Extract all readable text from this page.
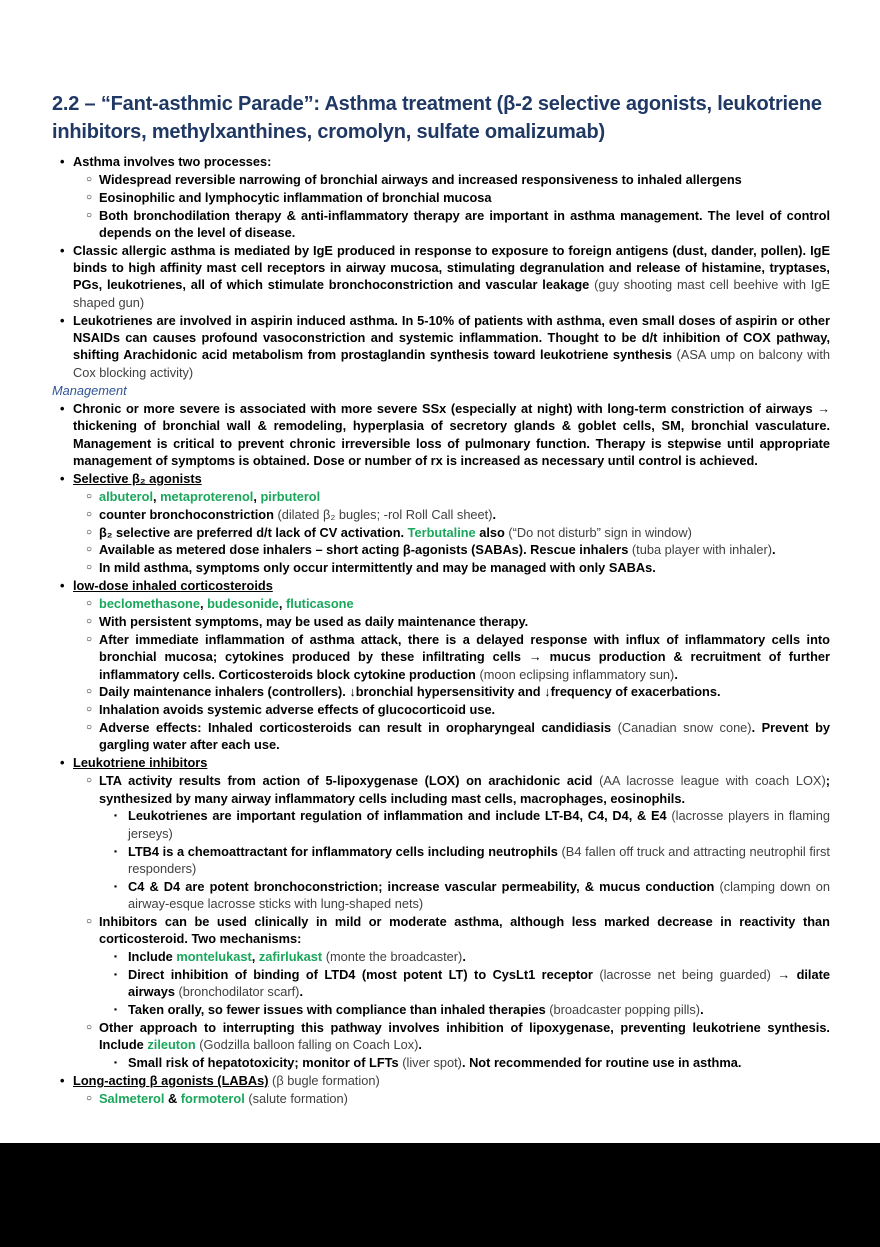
2.2 – “Fant-asthmic Parade”: Asthma treatment (β-2 selective agonists, leukotriene inhibitors, methylxanthines, cromolyn, sulfate omalizumab)
• Asthma involves two processes:
○ Widespread reversible narrowing of bronchial airways and increased responsiveness to inhaled allergens
○ Eosinophilic and lymphocytic inflammation of bronchial mucosa
○ Both bronchodilation therapy & anti-inflammatory therapy are important in asthma management. The level of control depends on the level of disease.
• Classic allergic asthma is mediated by IgE produced in response to exposure to foreign antigens (dust, dander, pollen). IgE binds to high affinity mast cell receptors in airway mucosa, stimulating degranulation and release of histamine, tryptases, PGs, leukotrienes, all of which stimulate bronchoconstriction and vascular leakage (guy shooting mast cell beehive with IgE shaped gun)
• Leukotrienes are involved in aspirin induced asthma. In 5-10% of patients with asthma, even small doses of aspirin or other NSAIDs can causes profound vasoconstriction and systemic inflammation. Thought to be d/t inhibition of COX pathway, shifting Arachidonic acid metabolism from prostaglandin synthesis toward leukotriene synthesis (ASA ump on balcony with Cox blocking activity)
Management
• Chronic or more severe is associated with more severe SSx (especially at night) with long-term constriction of airways → thickening of bronchial wall & remodeling, hyperplasia of secretory glands & goblet cells, SM, bronchial vasculature. Management is critical to prevent chronic irreversible loss of pulmonary function. Therapy is stepwise until appropriate management of symptoms is obtained. Dose or number of rx is increased as necessary until control is achieved.
• Selective β₂ agonists
○ albuterol, metaproterenol, pirbuterol
○ counter bronchoconstriction (dilated β₂ bugles; -rol Roll Call sheet).
○ β₂ selective are preferred d/t lack of CV activation. Terbutaline also (“Do not disturb” sign in window)
○ Available as metered dose inhalers – short acting β-agonists (SABAs). Rescue inhalers (tuba player with inhaler).
○ In mild asthma, symptoms only occur intermittently and may be managed with only SABAs.
• low-dose inhaled corticosteroids
○ beclomethasone, budesonide, fluticasone
○ With persistent symptoms, may be used as daily maintenance therapy.
○ After immediate inflammation of asthma attack, there is a delayed response with influx of inflammatory cells into bronchial mucosa; cytokines produced by these infiltrating cells → mucus production & recruitment of further inflammatory cells. Corticosteroids block cytokine production (moon eclipsing inflammatory sun).
○ Daily maintenance inhalers (controllers). ↓bronchial hypersensitivity and ↓frequency of exacerbations.
○ Inhalation avoids systemic adverse effects of glucocorticoid use.
○ Adverse effects: Inhaled corticosteroids can result in oropharyngeal candidiasis (Canadian snow cone). Prevent by gargling water after each use.
• Leukotriene inhibitors
○ LTA activity results from action of 5-lipoxygenase (LOX) on arachidonic acid (AA lacrosse league with coach LOX); synthesized by many airway inflammatory cells including mast cells, macrophages, eosinophils.
▪ Leukotrienes are important regulation of inflammation and include LT-B4, C4, D4, & E4 (lacrosse players in flaming jerseys)
▪ LTB4 is a chemoattractant for inflammatory cells including neutrophils (B4 fallen off truck and attracting neutrophil first responders)
▪ C4 & D4 are potent bronchoconstriction; increase vascular permeability, & mucus conduction (clamping down on airway-esque lacrosse sticks with lung-shaped nets)
○ Inhibitors can be used clinically in mild or moderate asthma, although less marked decrease in reactivity than corticosteroid. Two mechanisms:
▪ Include montelukast, zafirlukast (monte the broadcaster).
▪ Direct inhibition of binding of LTD4 (most potent LT) to CysLt1 receptor (lacrosse net being guarded) → dilate airways (bronchodilator scarf).
▪ Taken orally, so fewer issues with compliance than inhaled therapies (broadcaster popping pills).
○ Other approach to interrupting this pathway involves inhibition of lipoxygenase, preventing leukotriene synthesis. Include zileuton (Godzilla balloon falling on Coach Lox).
▪ Small risk of hepatotoxicity; monitor of LFTs (liver spot). Not recommended for routine use in asthma.
• Long-acting β agonists (LABAs) (β bugle formation)
○ Salmeterol & formoterol (salute formation)
